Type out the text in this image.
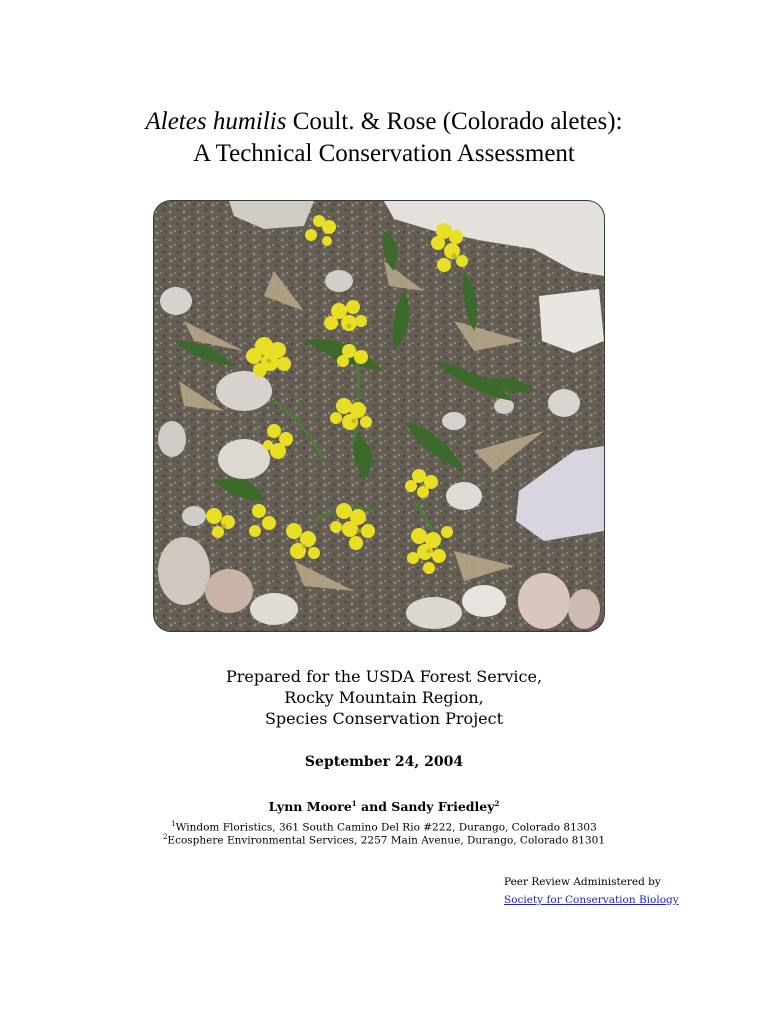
Aletes humilis Coult. & Rose (Colorado aletes):
A Technical Conservation Assessment
Prepared for the USDA Forest Service,
Rocky Mountain Region,
Species Conservation Project
September 24, 2004
Lynn Moore$^1$ and Sandy Friedley$^2$
$^1$Windom Floristics, 361 South Camino Del Rio #222, Durango, Colorado 81303
$^2$Ecosphere Environmental Services, 2257 Main Avenue, Durango, Colorado 81301
Peer Review Administered by
Society for Conservation Biology
